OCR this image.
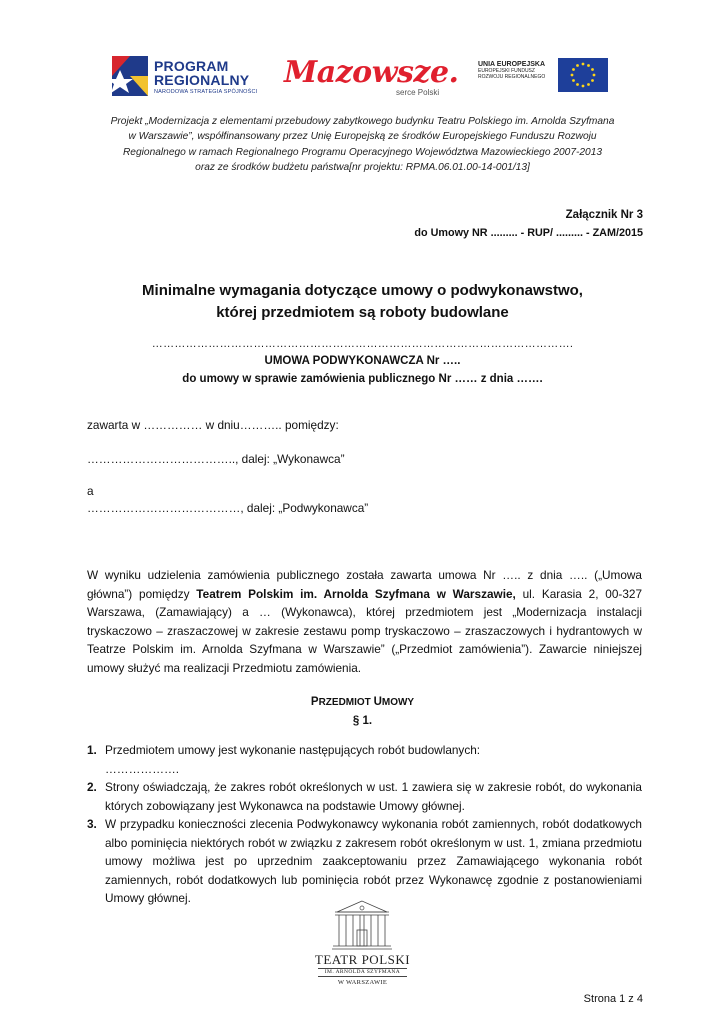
PROGRAM
REGIONALNY
NARODOWA STRATEGIA SPÓJNOŚCI
Mazowsze.
serce Polski
UNIA EUROPEJSKA
EUROPEJSKI FUNDUSZ
ROZWOJU REGIONALNEGO

Projekt „Modernizacja z elementami przebudowy zabytkowego budynku Teatru Polskiego im. Arnolda Szyfmana

w Warszawie”, współfinansowany przez Unię Europejską ze środków Europejskiego Funduszu Rozwoju

Regionalnego w ramach Regionalnego Programu Operacyjnego Województwa Mazowieckiego 2007-2013

oraz ze środków budżetu państwa[nr projektu: RPMA.06.01.00-14-001/13]

Załącznik Nr 3
do Umowy NR ......... - RUP/ ......... - ZAM/2015
Minimalne wymagania dotyczące umowy o podwykonawstwo,
której przedmiotem są roboty budowlane
………………………………………………………………………………………………….
UMOWA PODWYKONAWCZA Nr …..
do umowy w sprawie zamówienia publicznego Nr …… z dnia …….
zawarta w …………… w dniu……….. pomiędzy:
……………………………….., dalej: „Wykonawca”
a
…………………………………, dalej: „Podwykonawca”
W wyniku udzielenia zamówienia publicznego została zawarta umowa Nr ….. z dnia ….. („Umowa główna”) pomiędzy Teatrem Polskim im. Arnolda Szyfmana w Warszawie, ul. Karasia 2, 00-327 Warszawa, (Zamawiający) a … (Wykonawca), której przedmiotem jest „Modernizacja instalacji tryskaczowo – zraszaczowej w zakresie zestawu pomp tryskaczowo – zraszaczowych i hydrantowych w Teatrze Polskim im. Arnolda Szyfmana w Warszawie” („Przedmiot zamówienia”). Zawarcie niniejszej umowy służyć ma realizacji Przedmiotu zamówienia.
PRZEDMIOT UMOWY
§ 1.
1. Przedmiotem umowy jest wykonanie następujących robót budowlanych:
……………….
2. Strony oświadczają, że zakres robót określonych w ust. 1 zawiera się w zakresie robót, do wykonania których zobowiązany jest Wykonawca na podstawie Umowy głównej.
3. W przypadku konieczności zlecenia Podwykonawcy wykonania robót zamiennych, robót dodatkowych albo pominięcia niektórych robót w związku z zakresem robót określonym w ust. 1, zmiana przedmiotu umowy możliwa jest po uprzednim zaakceptowaniu przez Zamawiającego wykonania robót zamiennych, robót dodatkowych lub pominięcia robót przez Wykonawcę zgodnie z postanowieniami Umowy głównej.
TEATR POLSKI
IM. ARNOLDA SZYFMANA
W WARSZAWIE
Strona 1 z 4
